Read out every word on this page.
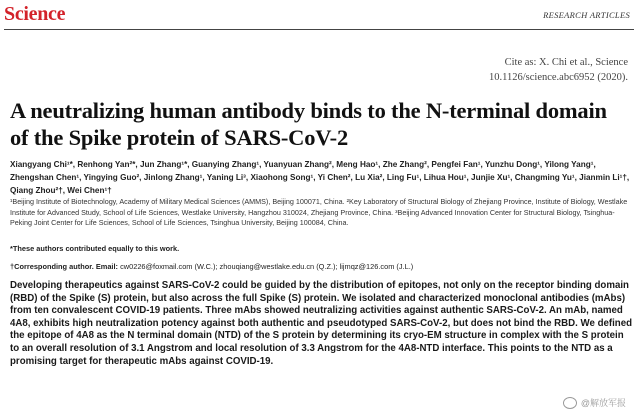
Science	RESEARCH ARTICLES
Cite as: X. Chi et al., Science
10.1126/science.abc6952 (2020).
A neutralizing human antibody binds to the N-terminal domain of the Spike protein of SARS-CoV-2
Xiangyang Chi¹*, Renhong Yan²*, Jun Zhang¹*, Guanying Zhang¹, Yuanyuan Zhang², Meng Hao¹, Zhe Zhang², Pengfei Fan¹, Yunzhu Dong¹, Yilong Yang¹, Zhengshan Chen¹, Yingying Guo², Jinlong Zhang¹, Yaning Li³, Xiaohong Song¹, Yi Chen², Lu Xia², Ling Fu¹, Lihua Hou¹, Junjie Xu¹, Changming Yu¹, Jianmin Li¹†, Qiang Zhou²†, Wei Chen¹†
¹Beijing Institute of Biotechnology, Academy of Military Medical Sciences (AMMS), Beijing 100071, China. ²Key Laboratory of Structural Biology of Zhejiang Province, Institute of Biology, Westlake Institute for Advanced Study, School of Life Sciences, Westlake University, Hangzhou 310024, Zhejiang Province, China. ³Beijing Advanced Innovation Center for Structural Biology, Tsinghua-Peking Joint Center for Life Sciences, School of Life Sciences, Tsinghua University, Beijing 100084, China.
*These authors contributed equally to this work.
†Corresponding author. Email: cw0226@foxmail.com (W.C.); zhouqiang@westlake.edu.cn (Q.Z.); lijmqz@126.com (J.L.)
Developing therapeutics against SARS-CoV-2 could be guided by the distribution of epitopes, not only on the receptor binding domain (RBD) of the Spike (S) protein, but also across the full Spike (S) protein. We isolated and characterized monoclonal antibodies (mAbs) from ten convalescent COVID-19 patients. Three mAbs showed neutralizing activities against authentic SARS-CoV-2. An mAb, named 4A8, exhibits high neutralization potency against both authentic and pseudotyped SARS-CoV-2, but does not bind the RBD. We defined the epitope of 4A8 as the N terminal domain (NTD) of the S protein by determining its cryo-EM structure in complex with the S protein to an overall resolution of 3.1 Angstrom and local resolution of 3.3 Angstrom for the 4A8-NTD interface. This points to the NTD as a promising target for therapeutic mAbs against COVID-19.
@解放军报
